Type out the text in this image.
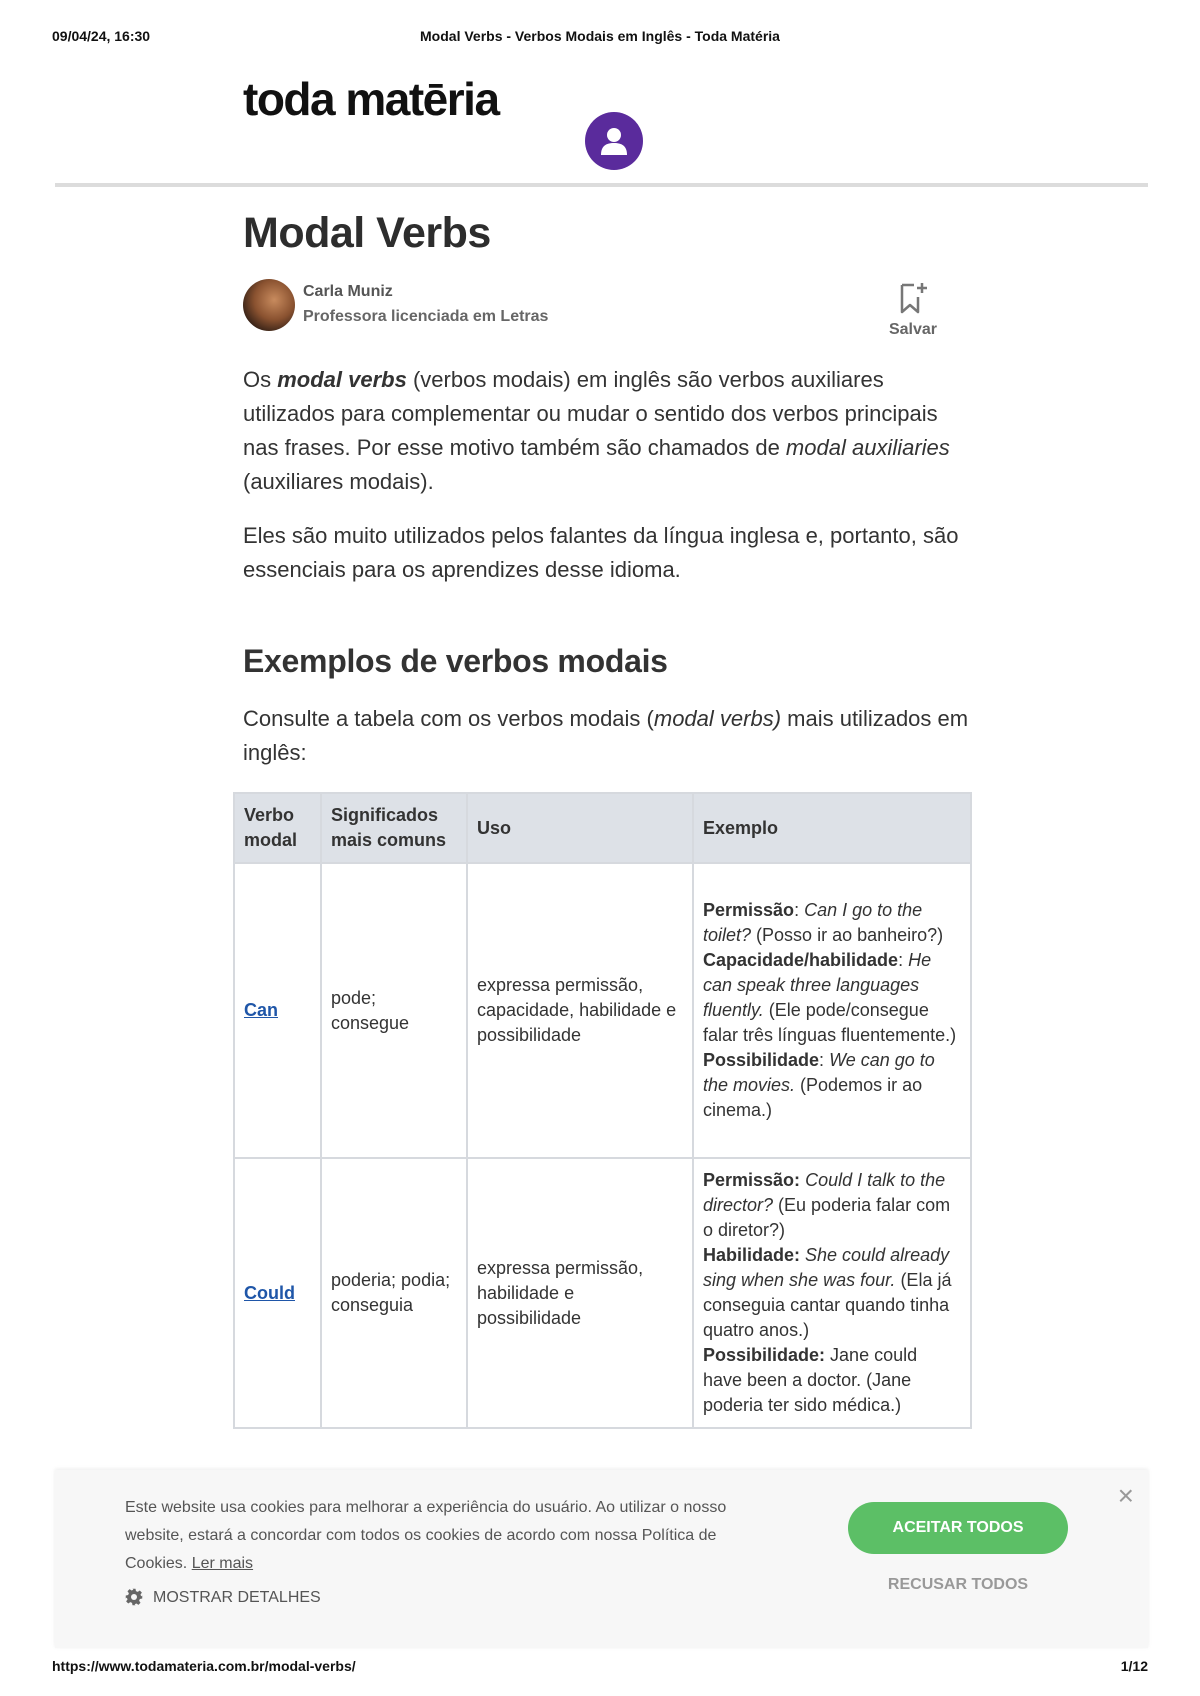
09/04/24, 16:30	Modal Verbs - Verbos Modais em Inglês - Toda Matéria
toda matēria
Modal Verbs
Carla Muniz
Professora licenciada em Letras
Salvar

Os modal verbs (verbos modais) em inglês são verbos auxiliares utilizados para complementar ou mudar o sentido dos verbos principais nas frases. Por esse motivo também são chamados de modal auxiliaries (auxiliares modais).

Eles são muito utilizados pelos falantes da língua inglesa e, portanto, são essenciais para os aprendizes desse idioma.

Exemplos de verbos modais

Consulte a tabela com os verbos modais (modal verbs) mais utilizados em inglês:

Verbo modal	Significados mais comuns	Uso	Exemplo
Can	pode; consegue	expressa permissão, capacidade, habilidade e possibilidade	Permissão: Can I go to the toilet? (Posso ir ao banheiro?)
Capacidade/habilidade: He can speak three languages fluently. (Ele pode/consegue falar três línguas fluentemente.)
Possibilidade: We can go to the movies. (Podemos ir ao cinema.)

Could	poderia; podia; conseguia	expressa permissão, habilidade e possibilidade	Permissão: Could I talk to the director? (Eu poderia falar com o diretor?)
Habilidade: She could already sing when she was four. (Ela já conseguia cantar quando tinha quatro anos.)
Possibilidade: Jane could have been a doctor. (Jane poderia ter sido médica.)
Este website usa cookies para melhorar a experiência do usuário. Ao utilizar o nosso website, estará a concordar com todos os cookies de acordo com nossa Política de Cookies. Ler mais
MOSTRAR DETALHES
ACEITAR TODOS
RECUSAR TODOS
×
https://www.todamateria.com.br/modal-verbs/	1/12
